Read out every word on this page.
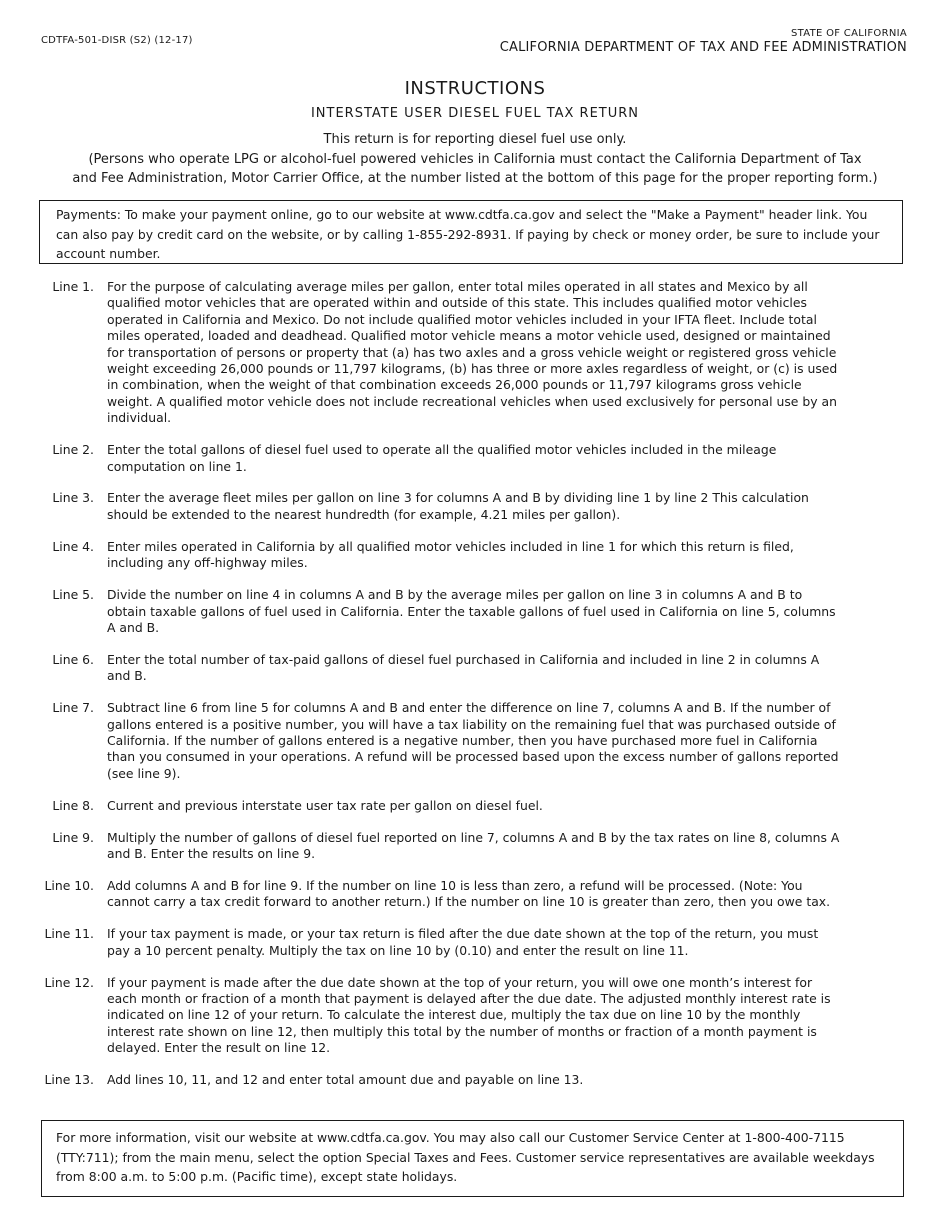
CDTFA-501-DISR (S2) (12-17)
STATE OF CALIFORNIA
CALIFORNIA DEPARTMENT OF TAX AND FEE ADMINISTRATION
INSTRUCTIONS
INTERSTATE USER DIESEL FUEL TAX RETURN
This return is for reporting diesel fuel use only.
(Persons who operate LPG or alcohol-fuel powered vehicles in California must contact the California Department of Tax
and Fee Administration, Motor Carrier Office, at the number listed at the bottom of this page for the proper reporting form.)
Payments: To make your payment online, go to our website at www.cdtfa.ca.gov and select the "Make a Payment" header link. You can also pay by credit card on the website, or by calling 1-855-292-8931. If paying by check or money order, be sure to include your account number.
Line 1. For the purpose of calculating average miles per gallon, enter total miles operated in all states and Mexico by all qualified motor vehicles that are operated within and outside of this state. This includes qualified motor vehicles operated in California and Mexico. Do not include qualified motor vehicles included in your IFTA fleet. Include total miles operated, loaded and deadhead. Qualified motor vehicle means a motor vehicle used, designed or maintained for transportation of persons or property that (a) has two axles and a gross vehicle weight or registered gross vehicle weight exceeding 26,000 pounds or 11,797 kilograms, (b) has three or more axles regardless of weight, or (c) is used in combination, when the weight of that combination exceeds 26,000 pounds or 11,797 kilograms gross vehicle weight. A qualified motor vehicle does not include recreational vehicles when used exclusively for personal use by an individual.
Line 2. Enter the total gallons of diesel fuel used to operate all the qualified motor vehicles included in the mileage computation on line 1.
Line 3. Enter the average fleet miles per gallon on line 3 for columns A and B by dividing line 1 by line 2 This calculation should be extended to the nearest hundredth (for example, 4.21 miles per gallon).
Line 4. Enter miles operated in California by all qualified motor vehicles included in line 1 for which this return is filed, including any off-highway miles.
Line 5. Divide the number on line 4 in columns A and B by the average miles per gallon on line 3 in columns A and B to obtain taxable gallons of fuel used in California. Enter the taxable gallons of fuel used in California on line 5, columns A and B.
Line 6. Enter the total number of tax-paid gallons of diesel fuel purchased in California and included in line 2 in columns A and B.
Line 7. Subtract line 6 from line 5 for columns A and B and enter the difference on line 7, columns A and B. If the number of gallons entered is a positive number, you will have a tax liability on the remaining fuel that was purchased outside of California. If the number of gallons entered is a negative number, then you have purchased more fuel in California than you consumed in your operations. A refund will be processed based upon the excess number of gallons reported (see line 9).
Line 8. Current and previous interstate user tax rate per gallon on diesel fuel.
Line 9. Multiply the number of gallons of diesel fuel reported on line 7, columns A and B by the tax rates on line 8, columns A and B. Enter the results on line 9.
Line 10. Add columns A and B for line 9. If the number on line 10 is less than zero, a refund will be processed. (Note: You cannot carry a tax credit forward to another return.) If the number on line 10 is greater than zero, then you owe tax.
Line 11. If your tax payment is made, or your tax return is filed after the due date shown at the top of the return, you must pay a 10 percent penalty. Multiply the tax on line 10 by (0.10) and enter the result on line 11.
Line 12. If your payment is made after the due date shown at the top of your return, you will owe one month’s interest for each month or fraction of a month that payment is delayed after the due date. The adjusted monthly interest rate is indicated on line 12 of your return. To calculate the interest due, multiply the tax due on line 10 by the monthly interest rate shown on line 12, then multiply this total by the number of months or fraction of a month payment is delayed. Enter the result on line 12.
Line 13. Add lines 10, 11, and 12 and enter total amount due and payable on line 13.
For more information, visit our website at www.cdtfa.ca.gov. You may also call our Customer Service Center at 1-800-400-7115 (TTY:711); from the main menu, select the option Special Taxes and Fees. Customer service representatives are available weekdays from 8:00 a.m. to 5:00 p.m. (Pacific time), except state holidays.
